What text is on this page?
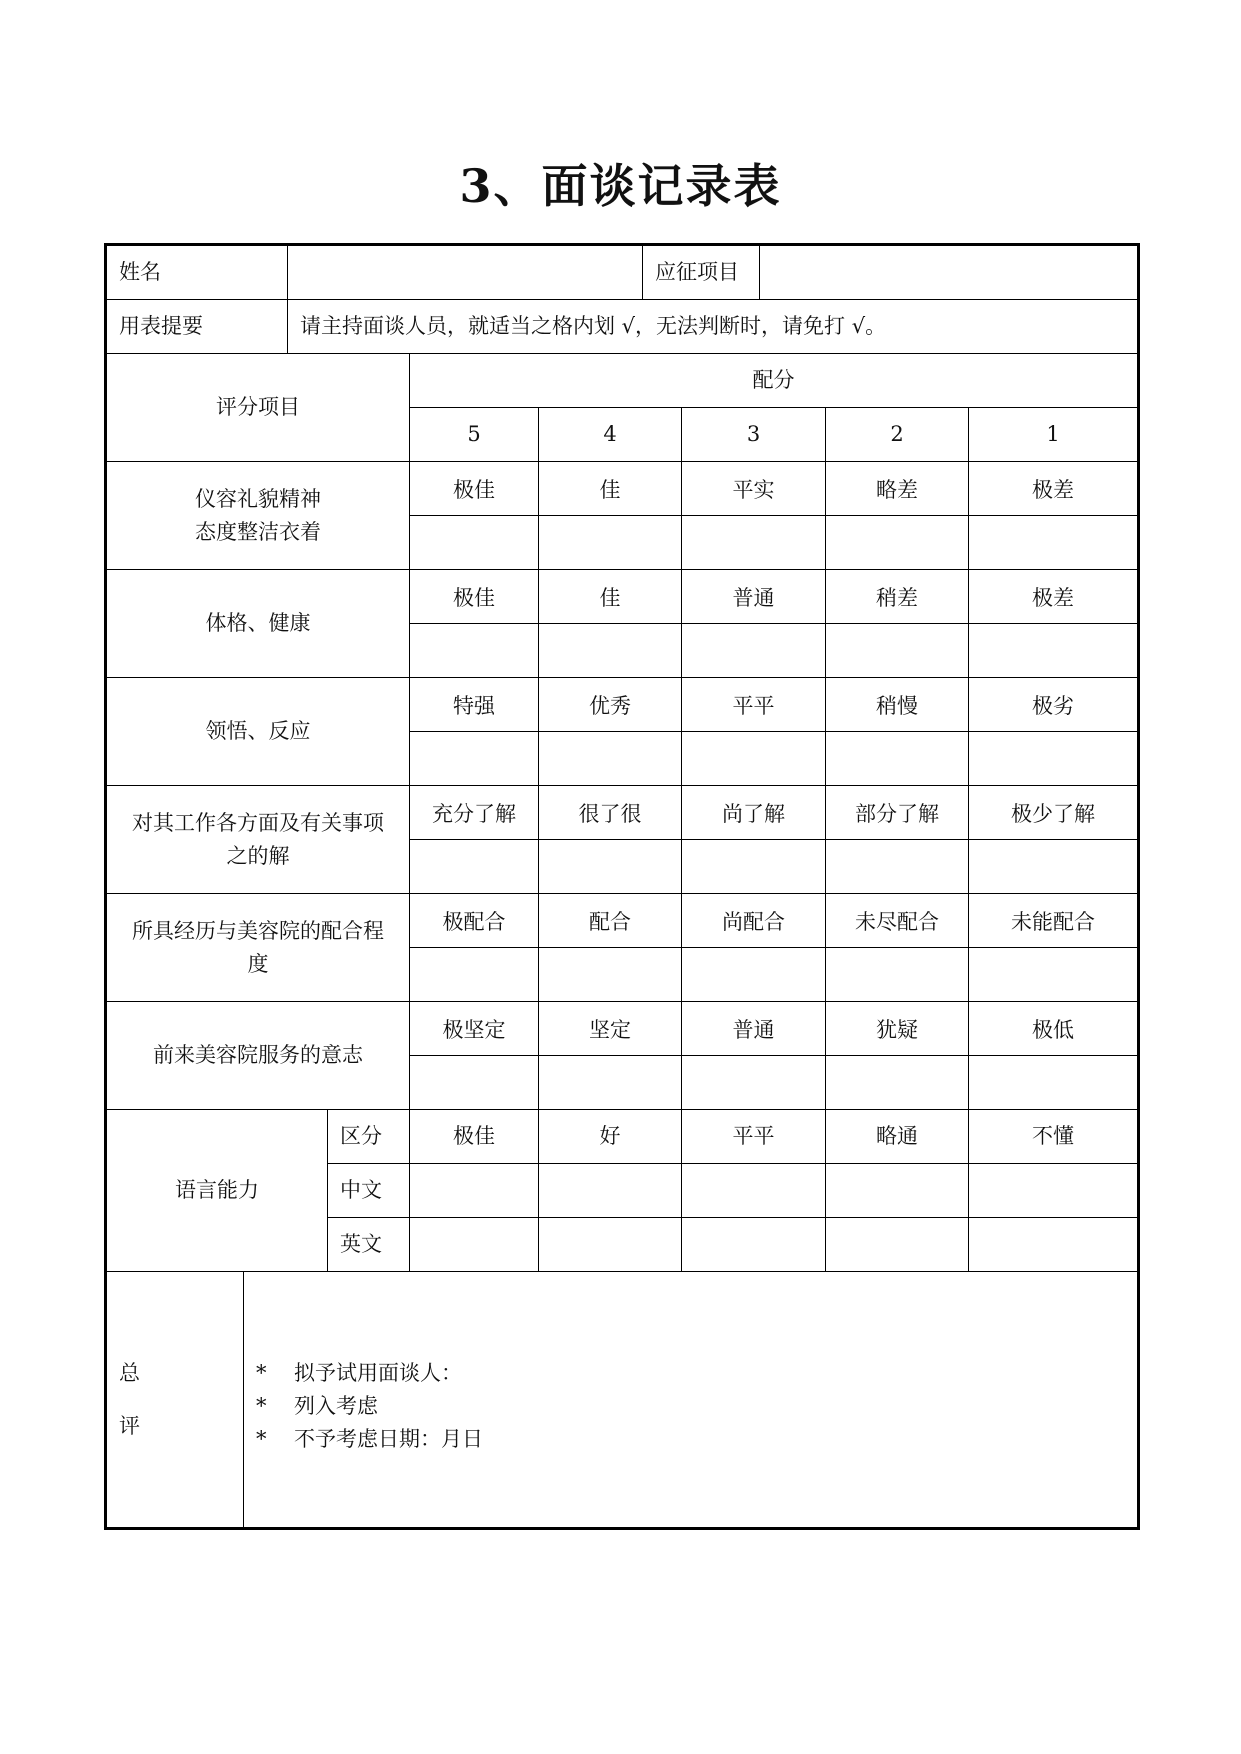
3、面谈记录表
姓名	应征项目
用表提要	请主持面谈人员，就适当之格内划 √，无法判断时，请免打 √。
评分项目
配分
5	4	3	2	1
仪容礼貌精神
态度整洁衣着
极佳	佳	平实	略差	极差
体格、健康
极佳	佳	普通	稍差	极差
领悟、反应
特强	优秀	平平	稍慢	极劣
对其工作各方面及有关事项
之的解
充分了解	很了很	尚了解	部分了解	极少了解
所具经历与美容院的配合程
度
极配合	配合	尚配合	未尽配合	未能配合
前来美容院服务的意志
极坚定	坚定	普通	犹疑	极低
语言能力
区分	极佳	好	平平	略通	不懂
中文
英文
总
评
* 拟予试用面谈人：
* 列入考虑
* 不予考虑日期：月日
